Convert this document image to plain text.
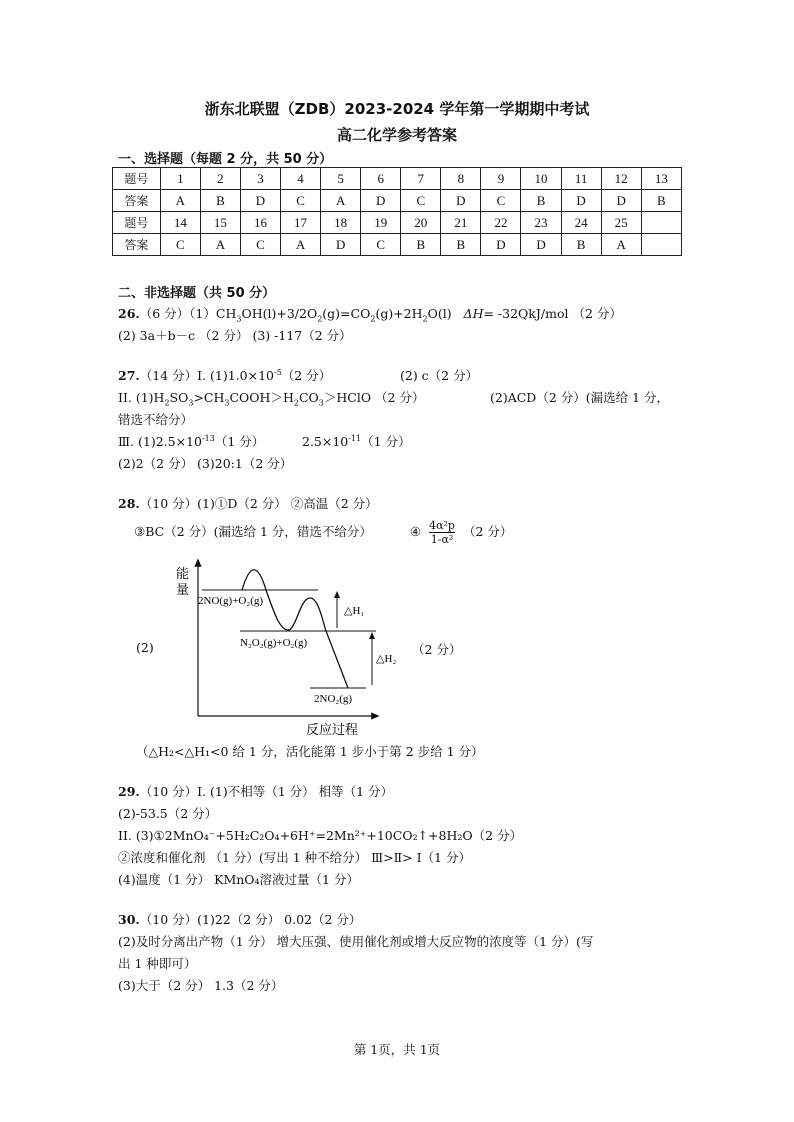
浙东北联盟（ZDB）2023-2024 学年第一学期期中考试
高二化学参考答案
一、选择题（每题 2 分，共 50 分）
题号	1	2	3	4	5	6	7	8	9	10	11	12	13
答案	A	B	D	C	A	D	C	D	C	B	D	D	B
题号	14	15	16	17	18	19	20	21	22	23	24	25	
答案	C	A	C	A	D	C	B	B	D	D	B	A	
二、非选择题（共 50 分）
26.（6 分）$(1)CH_3OH(l)+3/2O_2(g)=CO_2(g)+2H_2O(l)$ ΔH= -32QkJ/mol （2 分）
(2) 3a＋b－c （2 分） (3) -117（2 分）
27.（14 分）I. $(1)1.0\times 10^{-5}(2$ 分）	(2) c（2 分）
II. $(1)H_2SO_3>CH_3COOH>H_2CO_3>HClO$ （2 分）	(2)ACD（2 分）(漏选给 1 分，
错选不给分）
Ⅲ. $(1)2.5\times 10^{-13}(1$ 分）	$2.5\times 10^{-11}(1$ 分）
(2)2（2 分） (3)20:1（2 分）
28.（10 分）(1)①D（2 分） ②高温（2 分）
③BC（2 分）(漏选给 1 分，错选不给分）	④ $\frac{\text{4α²p}}{\text{1-α²}} (2$ 分）
(2)	（2 分）
能
量
2NO(g)+O₂(g)
N₂O₂(g)+O₂(g)
2NO₂(g)
△H₁
△H₂
反应过程
（△H₂<△H₁<0 给 1 分，活化能第 1 步小于第 2 步给 1 分）
29.（10 分）I. (1)不相等（1 分） 相等（1 分）
(2)-53.5（2 分）
II. (3)①2MnO₄⁻+5H₂C₂O₄+6H⁺=2Mn²⁺+10CO₂↑+8H₂O（2 分）
②浓度和催化剂 （1 分）(写出 1 种不给分） Ⅲ>Ⅱ> Ⅰ（1 分）
(4)温度（1 分） KMnO₄溶液过量（1 分）
30.（10 分）(1)22（2 分） 0.02（2 分）
(2)及时分离出产物（1 分） 增大压强、使用催化剂或增大反应物的浓度等（1 分）(写
出 1 种即可）
(3)大于（2 分） 1.3（2 分）
第 1页，共 1页
